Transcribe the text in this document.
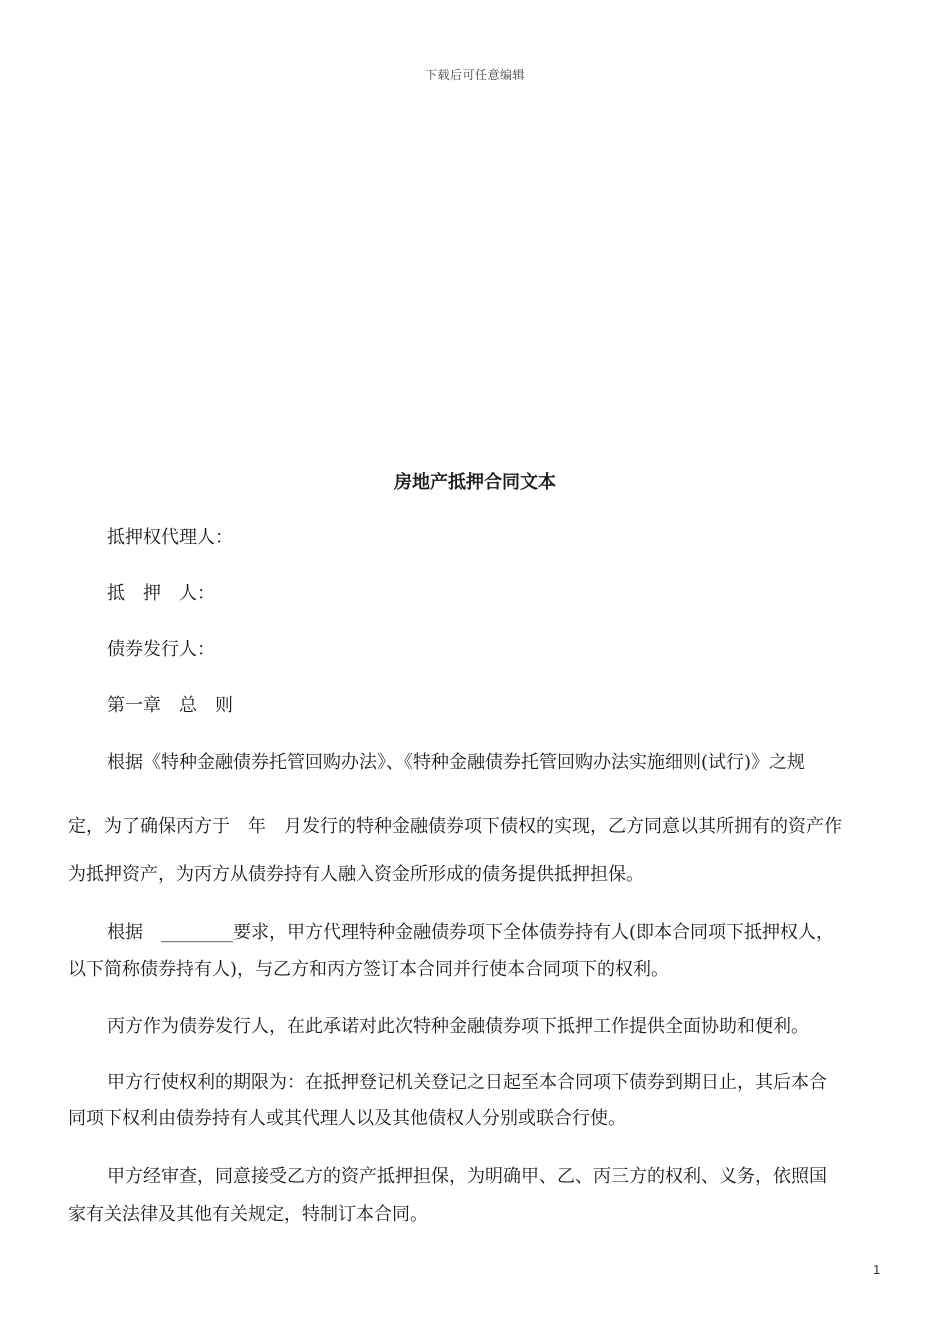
下载后可任意编辑
房地产抵押合同文本
抵押权代理人：
抵　押　人：
债券发行人：
第一章　总　则
根据《特种金融债券托管回购办法》、《特种金融债券托管回购办法实施细则(试行)》之规
定，为了确保丙方于　年　月发行的特种金融债券项下债权的实现，乙方同意以其所拥有的资产作
为抵押资产，为丙方从债券持有人融入资金所形成的债务提供抵押担保。
根据　________要求，甲方代理特种金融债券项下全体债券持有人(即本合同项下抵押权人，
以下简称债券持有人)，与乙方和丙方签订本合同并行使本合同项下的权利。
丙方作为债券发行人，在此承诺对此次特种金融债券项下抵押工作提供全面协助和便利。
甲方行使权利的期限为：在抵押登记机关登记之日起至本合同项下债券到期日止，其后本合
同项下权利由债券持有人或其代理人以及其他债权人分别或联合行使。
甲方经审查，同意接受乙方的资产抵押担保，为明确甲、乙、丙三方的权利、义务，依照国
家有关法律及其他有关规定，特制订本合同。
1
